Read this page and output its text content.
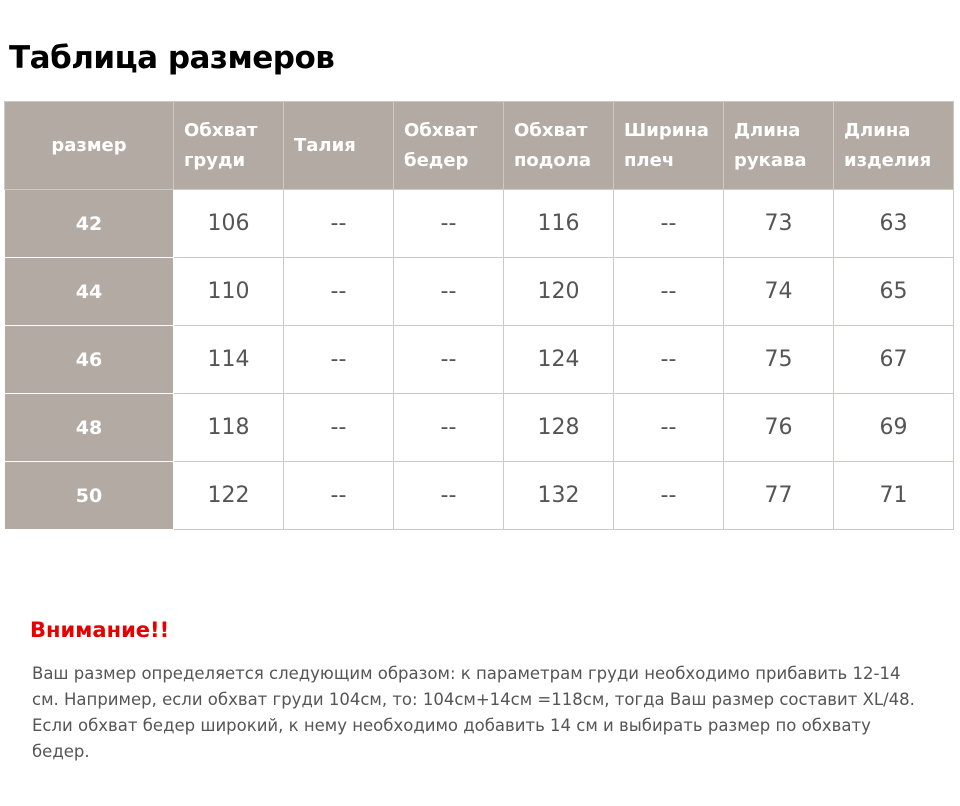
Таблица размеров
размер	Обхват груди	Талия	Обхват бедер	Обхват подола	Ширина плеч	Длина рукава	Длина изделия
42	106	--	--	116	--	73	63
44	110	--	--	120	--	74	65
46	114	--	--	124	--	75	67
48	118	--	--	128	--	76	69
50	122	--	--	132	--	77	71
Внимание!!

Ваш размер определяется следующим образом: к параметрам груди необходимо прибавить 12-14 см. Например, если обхват груди 104см, то: 104см+14см =118см, тогда Ваш размер составит XL/48. Если обхват бедер широкий, к нему необходимо добавить 14 см и выбирать размер по обхвату бедер.
